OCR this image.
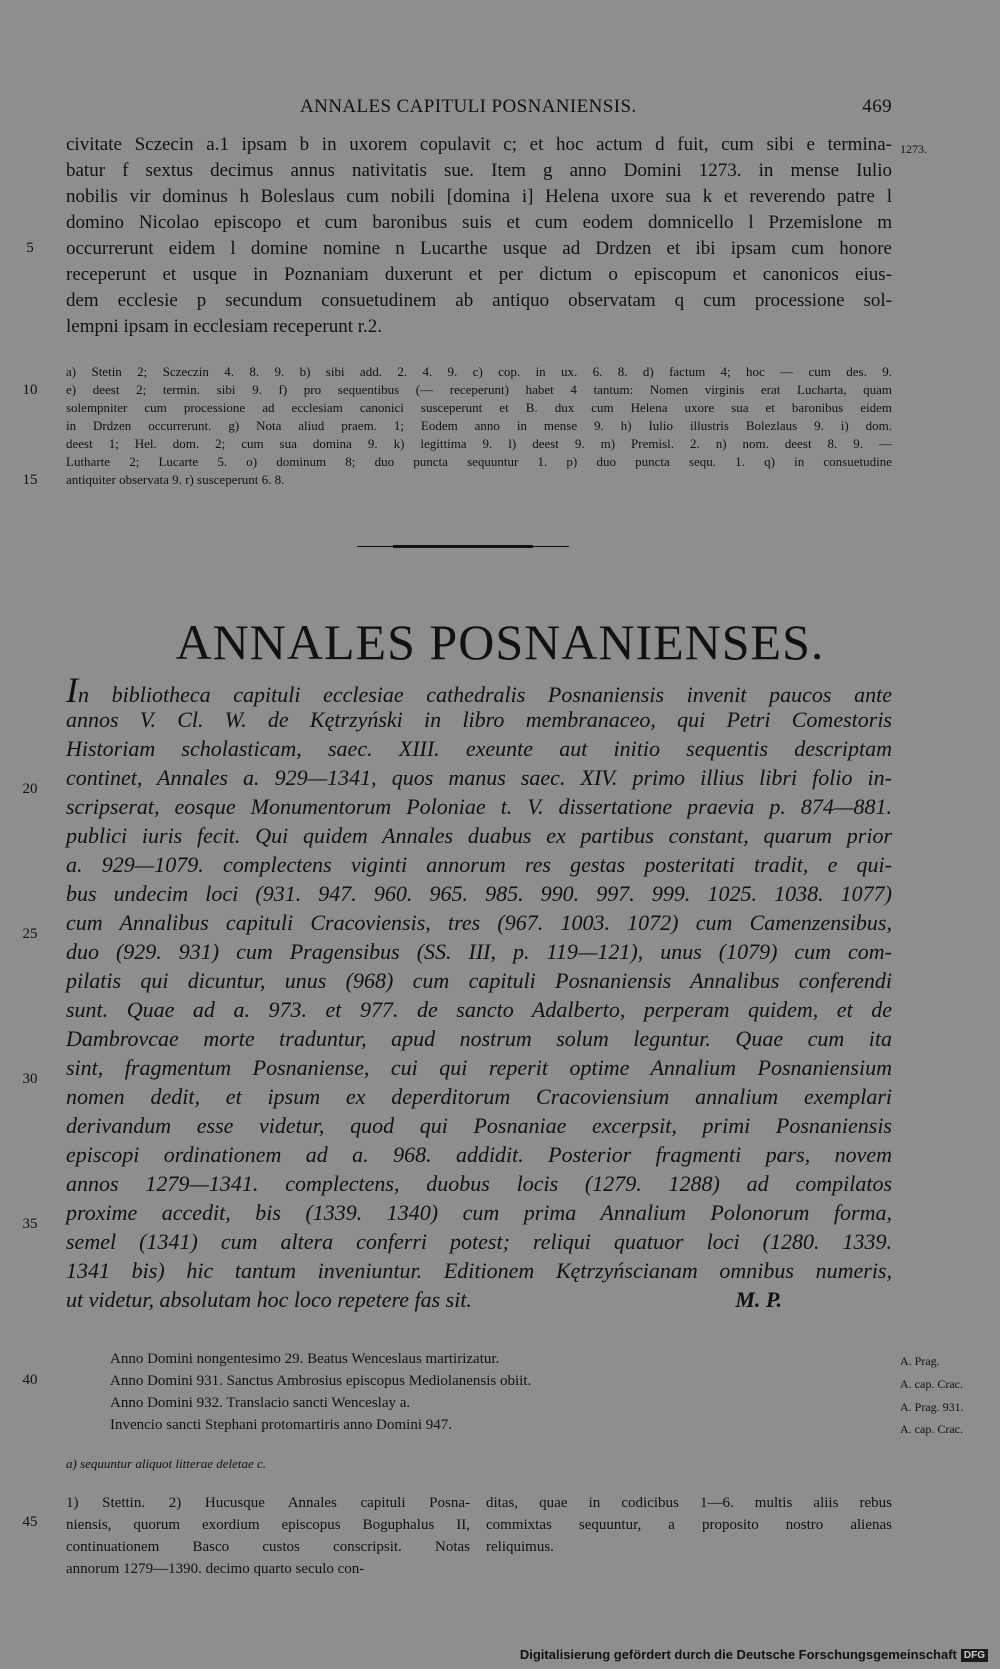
ANNALES CAPITULI POSNANIENSIS.	469
civitate Sczecin a.1 ipsam b in uxorem copulavit c; et hoc actum d fuit, cum sibi e termina-
batur f sextus decimus annus nativitatis sue. Item g anno Domini 1273. in mense Iulio
nobilis vir dominus h Boleslaus cum nobili [domina i] Helena uxore sua k et reverendo patre l
domino Nicolao episcopo et cum baronibus suis et cum eodem domnicello l Przemislone m
occurrerunt eidem l domine nomine n Lucarthe usque ad Drdzen et ibi ipsam cum honore
receperunt et usque in Poznaniam duxerunt et per dictum o episcopum et canonicos eius-
dem ecclesie p secundum consuetudinem ab antiquo observatam q cum processione sol-
lempni ipsam in ecclesiam receperunt r.2.
1273.
5
a) Stetin 2; Sczeczin 4. 8. 9. b) sibi add. 2. 4. 9. c) cop. in ux. 6. 8. d) factum 4; hoc — cum des. 9.
e) deest 2; termin. sibi 9. f) pro sequentibus (— receperunt) habet 4 tantum: Nomen virginis erat Lucharta, quam
solempniter cum processione ad ecclesiam canonici susceperunt et B. dux cum Helena uxore sua et baronibus eidem
in Drdzen occurrerunt. g) Nota aliud praem. 1; Eodem anno in mense 9. h) Iulio illustris Bolezlaus 9. i) dom.
deest 1; Hel. dom. 2; cum sua domina 9. k) legittima 9. l) deest 9. m) Premisl. 2. n) nom. deest 8. 9. —
Lutharte 2; Lucarte 5. o) dominum 8; duo puncta sequuntur 1. p) duo puncta sequ. 1. q) in consuetudine
antiquiter observata 9. r) susceperunt 6. 8.
10
15
ANNALES POSNANIENSES.
In bibliotheca capituli ecclesiae cathedralis Posnaniensis invenit paucos ante
annos V. Cl. W. de Kętrzyński in libro membranaceo, qui Petri Comestoris
Historiam scholasticam, saec. XIII. exeunte aut initio sequentis descriptam
continet, Annales a. 929—1341, quos manus saec. XIV. primo illius libri folio in-
scripserat, eosque Monumentorum Poloniae t. V. dissertatione praevia p. 874—881.
publici iuris fecit. Qui quidem Annales duabus ex partibus constant, quarum prior
a. 929—1079. complectens viginti annorum res gestas posteritati tradit, e qui-
bus undecim loci (931. 947. 960. 965. 985. 990. 997. 999. 1025. 1038. 1077)
cum Annalibus capituli Cracoviensis, tres (967. 1003. 1072) cum Camenzensibus,
duo (929. 931) cum Pragensibus (SS. III, p. 119—121), unus (1079) cum com-
pilatis qui dicuntur, unus (968) cum capituli Posnaniensis Annalibus conferendi
sunt. Quae ad a. 973. et 977. de sancto Adalberto, perperam quidem, et de
Dambrovcae morte traduntur, apud nostrum solum leguntur. Quae cum ita
sint, fragmentum Posnaniense, cui qui reperit optime Annalium Posnaniensium
nomen dedit, et ipsum ex deperditorum Cracoviensium annalium exemplari
derivandum esse videtur, quod qui Posnaniae excerpsit, primi Posnaniensis
episcopi ordinationem ad a. 968. addidit. Posterior fragmenti pars, novem
annos 1279—1341. complectens, duobus locis (1279. 1288) ad compilatos
proxime accedit, bis (1339. 1340) cum prima Annalium Polonorum forma,
semel (1341) cum altera conferri potest; reliqui quatuor loci (1280. 1339.
1341 bis) hic tantum inveniuntur. Editionem Kętrzyńscianam omnibus numeris,
ut videtur, absolutam hoc loco repetere fas sit.	M. P.
20
25
30
35
Anno Domini nongentesimo 29. Beatus Wenceslaus martirizatur.	A. Prag.
Anno Domini 931. Sanctus Ambrosius episcopus Mediolanensis obiit.	A. cap. Crac.
Anno Domini 932. Translacio sancti Wenceslay a.	A. Prag. 931.
Invencio sancti Stephani protomartiris anno Domini 947.	A. cap. Crac.
40
a) sequuntur aliquot litterae deletae c.
1) Stettin. 2) Hucusque Annales capituli Posna-
niensis, quorum exordium episcopus Boguphalus II,
continuationem Basco custos conscripsit. Notas
annorum 1279—1390. decimo quarto seculo con-
ditas, quae in codicibus 1—6. multis aliis rebus
commixtas sequuntur, a proposito nostro alienas
reliquimus.
45
Digitalisierung gefördert durch die Deutsche Forschungsgemeinschaft DFG
